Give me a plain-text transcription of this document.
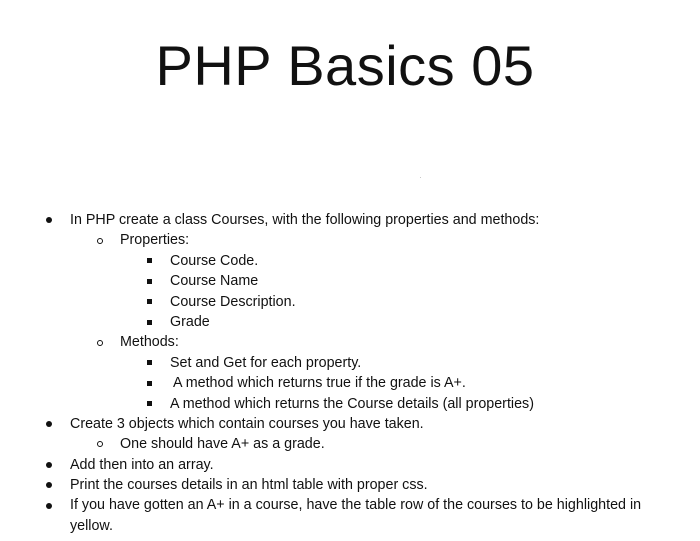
PHP Basics 05
In PHP create a class Courses, with the following properties and methods:
Properties:
Course Code.
Course Name
Course Description.
Grade
Methods:
Set and Get for each property.
A method which returns true if the grade is A+.
A method which returns the Course details (all properties)
Create 3 objects which contain courses you have taken.
One should have A+ as a grade.
Add then into an array.
Print the courses details in an html table with proper css.
If you have gotten an A+ in a course, have the table row of the courses to be highlighted in
yellow.
